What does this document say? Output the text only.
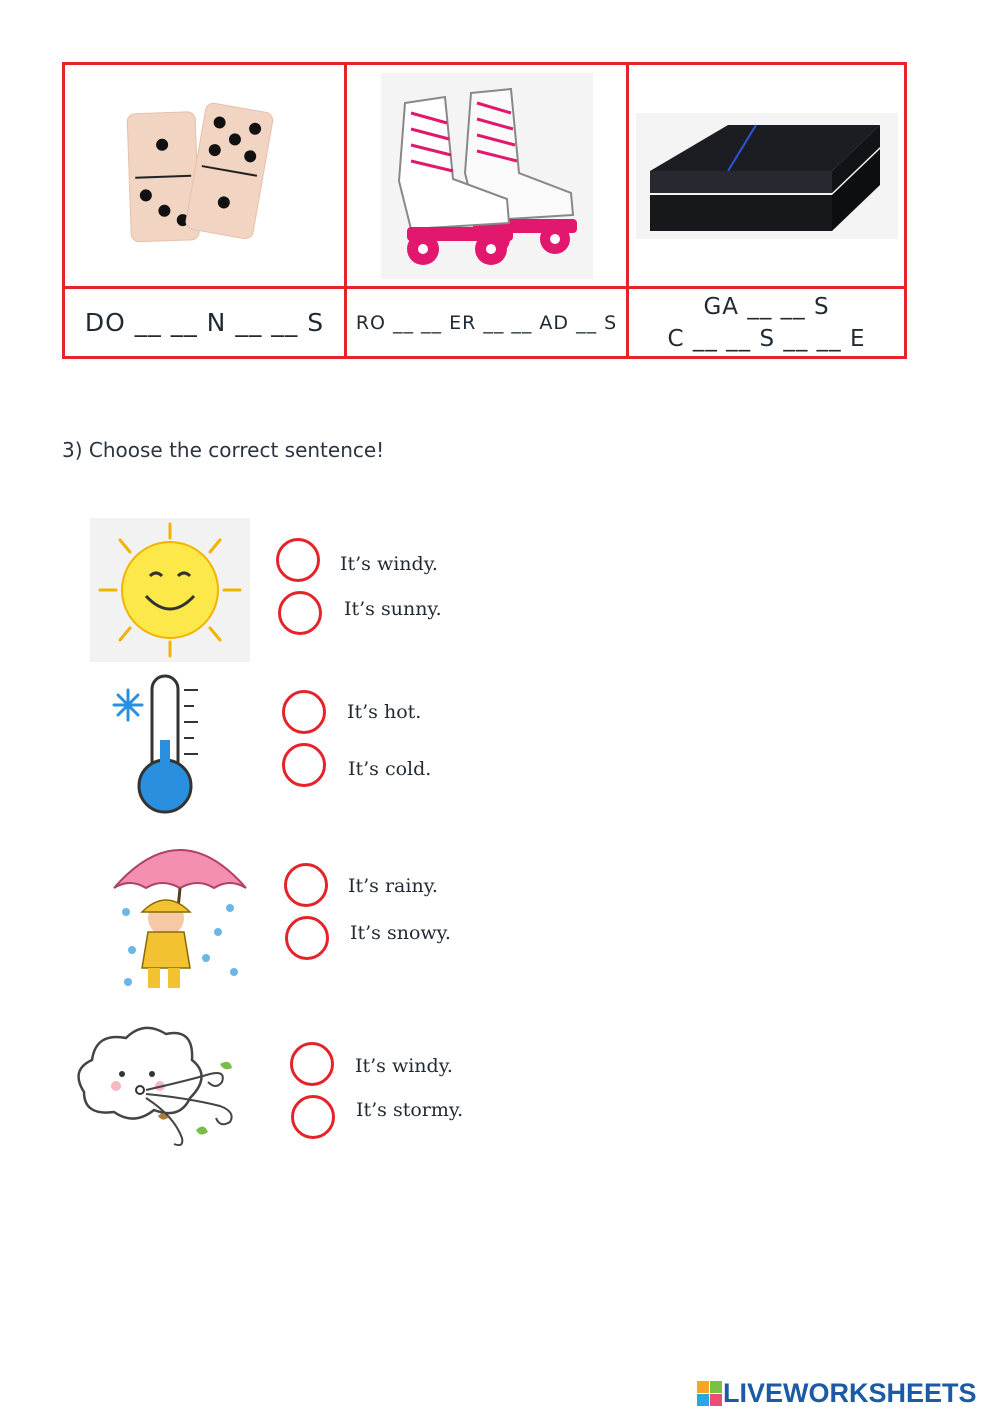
DO __ __ N __ __ S RO __ __ ER __ __ AD __ S
GA __ __ S
C __ __ S __ __ E
3) Choose the correct sentence!
It’s windy.
It’s sunny.
It’s hot.
It’s cold.
It’s rainy.
It’s snowy.
It’s windy.
It’s stormy.
LIVEWORKSHEETS
